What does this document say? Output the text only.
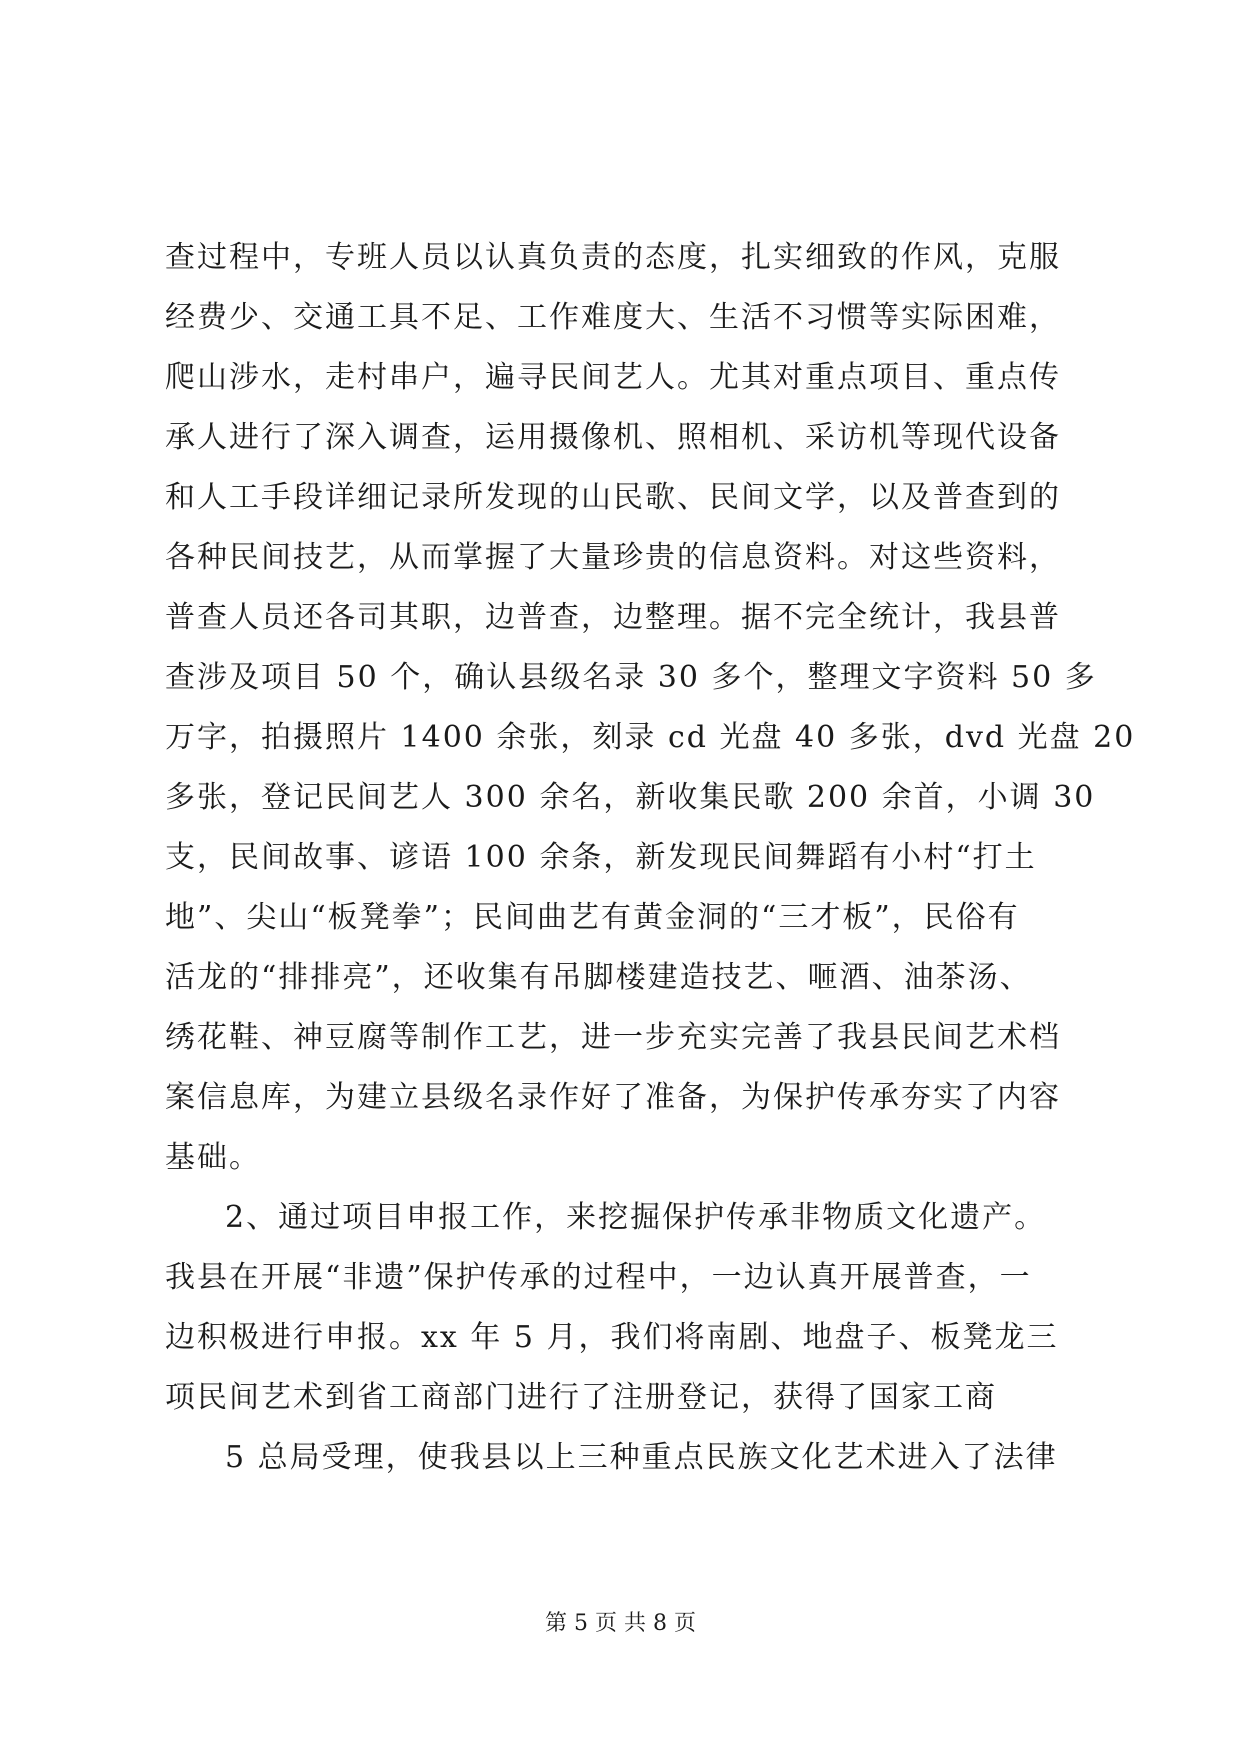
查过程中，专班人员以认真负责的态度，扎实细致的作风，克服
经费少、交通工具不足、工作难度大、生活不习惯等实际困难，
爬山涉水，走村串户，遍寻民间艺人。尤其对重点项目、重点传
承人进行了深入调查，运用摄像机、照相机、采访机等现代设备
和人工手段详细记录所发现的山民歌、民间文学，以及普查到的
各种民间技艺，从而掌握了大量珍贵的信息资料。对这些资料，
普查人员还各司其职，边普查，边整理。据不完全统计，我县普
查涉及项目 50 个，确认县级名录 30 多个，整理文字资料 50 多
万字，拍摄照片 1400 余张，刻录 cd 光盘 40 多张，dvd 光盘 20
多张，登记民间艺人 300 余名，新收集民歌 200 余首，小调 30
支，民间故事、谚语 100 余条，新发现民间舞蹈有小村“打土
地”、尖山“板凳拳”；民间曲艺有黄金洞的“三才板”，民俗有
活龙的“排排亮”，还收集有吊脚楼建造技艺、咂酒、油茶汤、
绣花鞋、神豆腐等制作工艺，进一步充实完善了我县民间艺术档
案信息库，为建立县级名录作好了准备，为保护传承夯实了内容
基础。
2、通过项目申报工作，来挖掘保护传承非物质文化遗产。
我县在开展“非遗”保护传承的过程中，一边认真开展普查，一
边积极进行申报。xx 年 5 月，我们将南剧、地盘子、板凳龙三
项民间艺术到省工商部门进行了注册登记，获得了国家工商
5 总局受理，使我县以上三种重点民族文化艺术进入了法律
第 5 页 共 8 页
